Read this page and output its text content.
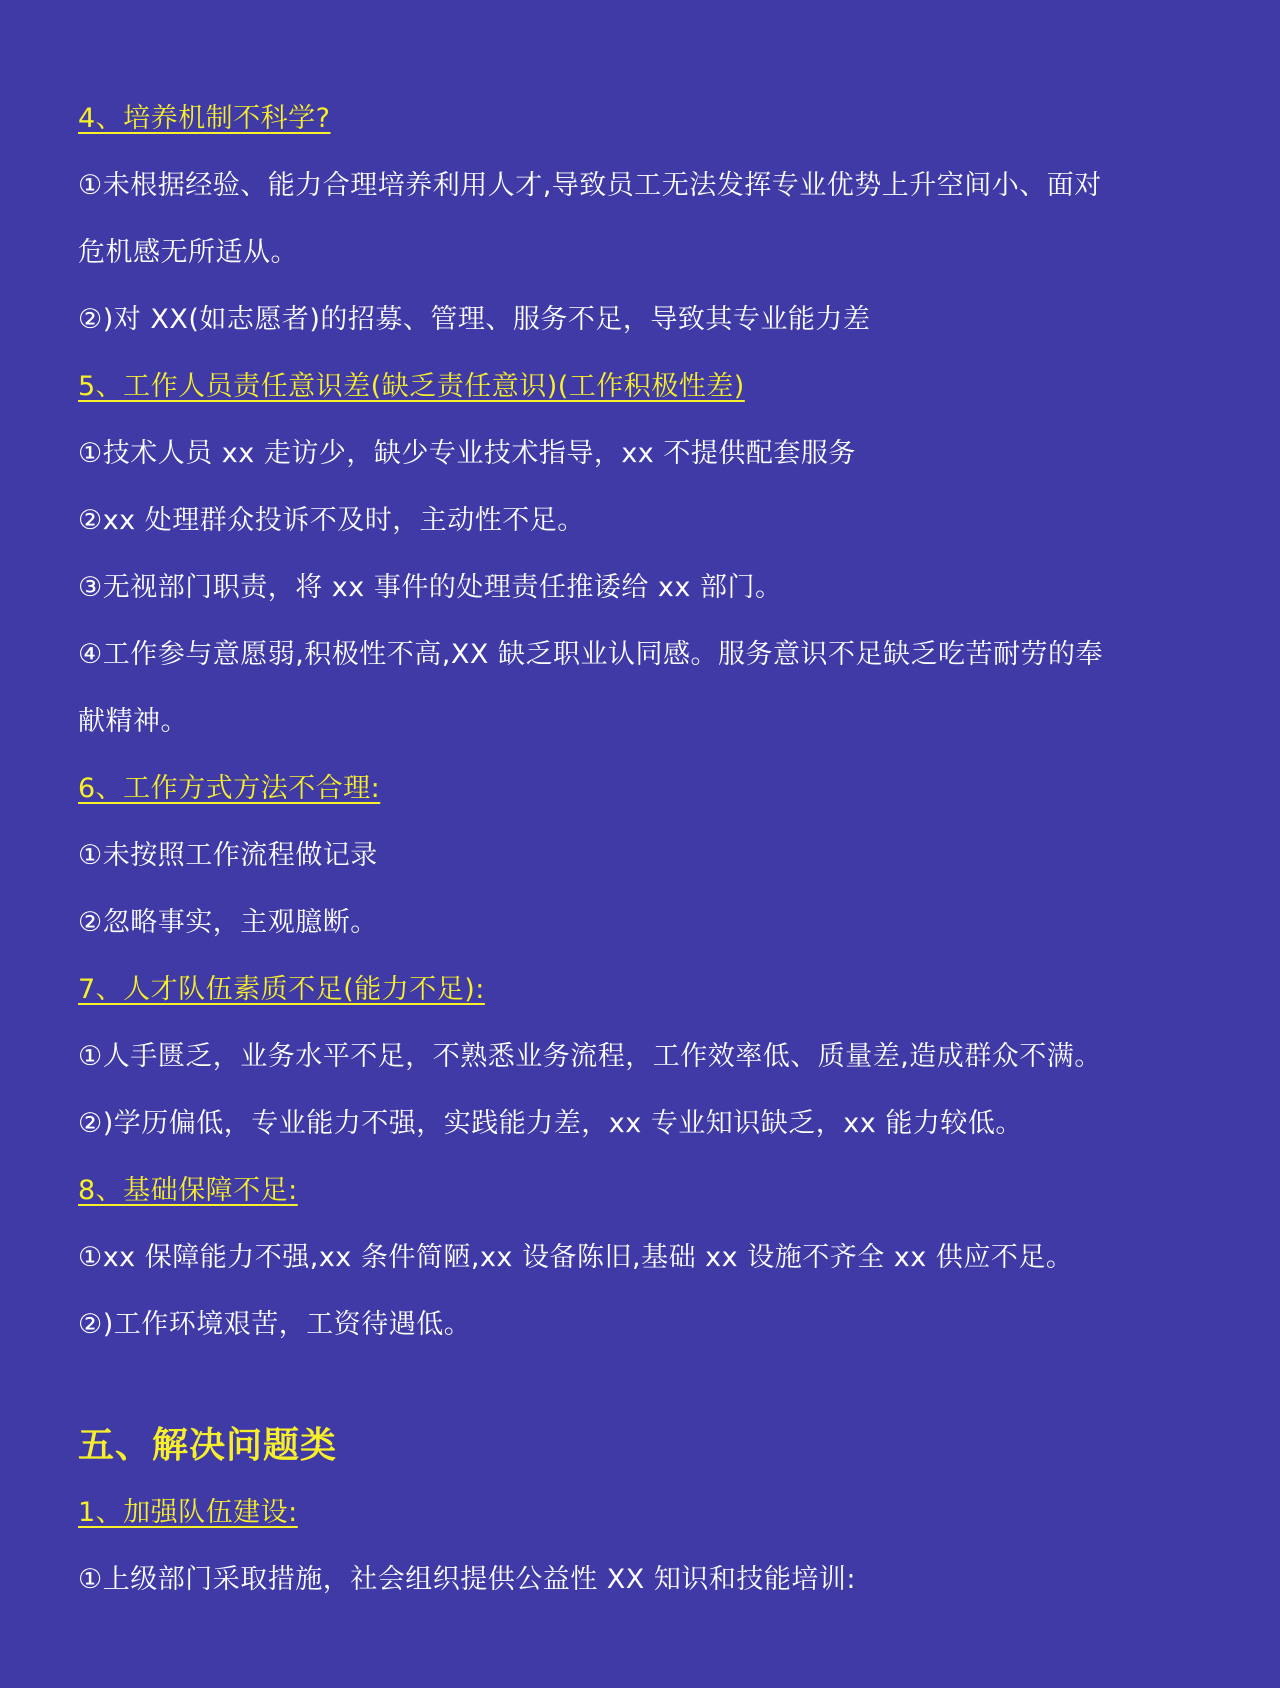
4、培养机制不科学?
①未根据经验、能力合理培养利用人才,导致员工无法发挥专业优势上升空间小、面对
危机感无所适从。
②)对 XX(如志愿者)的招募、管理、服务不足，导致其专业能力差
5、工作人员责任意识差(缺乏责任意识)(工作积极性差)
①技术人员 xx 走访少，缺少专业技术指导，xx 不提供配套服务
②xx 处理群众投诉不及时，主动性不足。
③无视部门职责，将 xx 事件的处理责任推诿给 xx 部门。
④工作参与意愿弱,积极性不高,XX 缺乏职业认同感。服务意识不足缺乏吃苦耐劳的奉
献精神。
6、工作方式方法不合理:
①未按照工作流程做记录
②忽略事实，主观臆断。
7、人才队伍素质不足(能力不足):
①人手匮乏，业务水平不足，不熟悉业务流程，工作效率低、质量差,造成群众不满。
②)学历偏低，专业能力不强，实践能力差，xx 专业知识缺乏，xx 能力较低。
8、基础保障不足:
①xx 保障能力不强,xx 条件简陋,xx 设备陈旧,基础 xx 设施不齐全 xx 供应不足。
②)工作环境艰苦，工资待遇低。
五、解决问题类
1、加强队伍建设:
①上级部门采取措施，社会组织提供公益性 XX 知识和技能培训:
